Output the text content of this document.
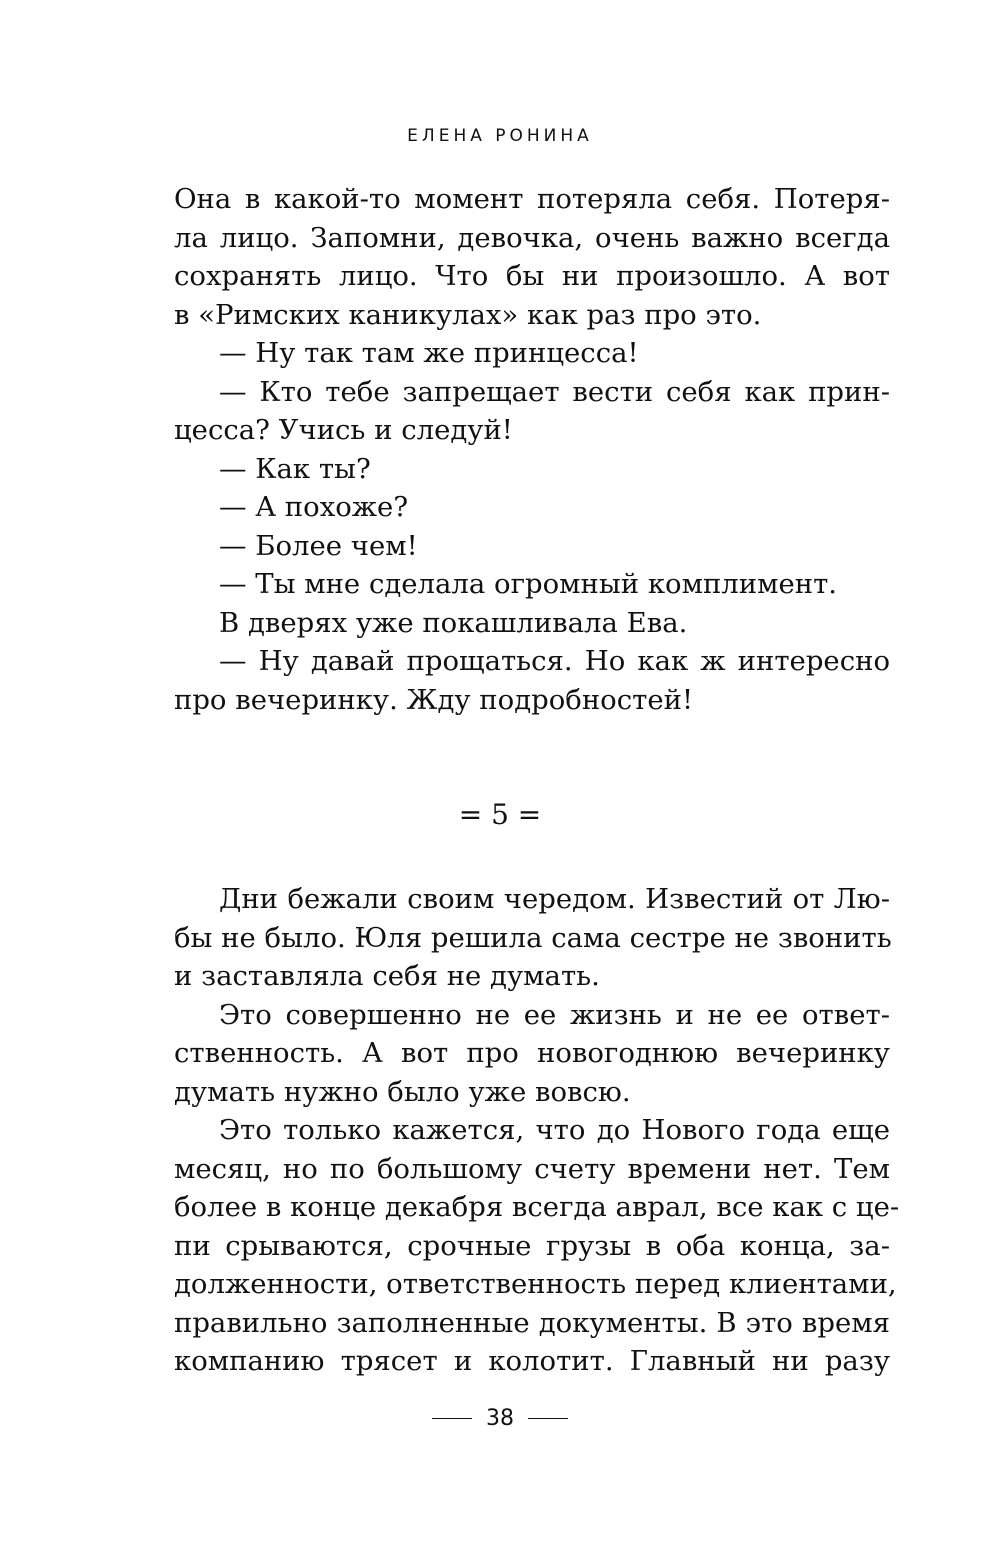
ЕЛЕНА РОНИНА
Она в какой-то момент потеряла себя. Потеря-
ла лицо. Запомни, девочка, очень важно всегда
сохранять лицо. Что бы ни произошло. А вот
в «Римских каникулах» как раз про это.
— Ну так там же принцесса!
— Кто тебе запрещает вести себя как прин-
цесса? Учись и следуй!
— Как ты?
— А похоже?
— Более чем!
— Ты мне сделала огромный комплимент.
В дверях уже покашливала Ева.
— Ну давай прощаться. Но как ж интересно
про вечеринку. Жду подробностей!
= 5 =
Дни бежали своим чередом. Известий от Лю-
бы не было. Юля решила сама сестре не звонить
и заставляла себя не думать.
Это совершенно не ее жизнь и не ее ответ-
ственность. А вот про новогоднюю вечеринку
думать нужно было уже вовсю.
Это только кажется, что до Нового года еще
месяц, но по большому счету времени нет. Тем
более в конце декабря всегда аврал, все как с це-
пи срываются, срочные грузы в оба конца, за-
долженности, ответственность перед клиентами,
правильно заполненные документы. В это время
компанию трясет и колотит. Главный ни разу
38
